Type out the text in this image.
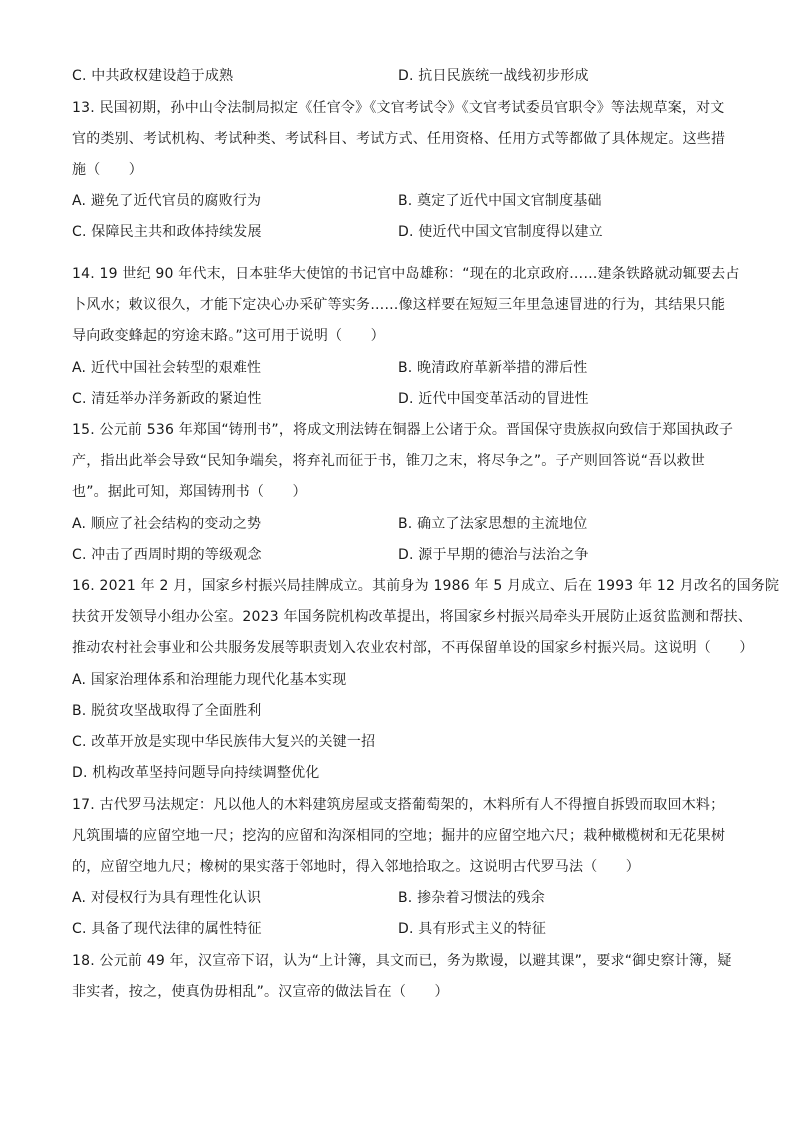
C. 中共政权建设趋于成熟	D. 抗日民族统一战线初步形成
13. 民国初期，孙中山令法制局拟定《任官令》《文官考试令》《文官考试委员官职令》等法规草案，对文
官的类别、考试机构、考试种类、考试科目、考试方式、任用资格、任用方式等都做了具体规定。这些措
施（　　）
A. 避免了近代官员的腐败行为	B. 奠定了近代中国文官制度基础
C. 保障民主共和政体持续发展	D. 使近代中国文官制度得以建立
14. 19 世纪 90 年代末，日本驻华大使馆的书记官中岛雄称：“现在的北京政府……建条铁路就动辄要去占
卜风水；敕议很久，才能下定决心办采矿等实务……像这样要在短短三年里急速冒进的行为，其结果只能
导向政变蜂起的穷途末路。”这可用于说明（　　）
A. 近代中国社会转型的艰难性	B. 晚清政府革新举措的滞后性
C. 清廷举办洋务新政的紧迫性	D. 近代中国变革活动的冒进性
15. 公元前 536 年郑国“铸刑书”，将成文刑法铸在铜器上公诸于众。晋国保守贵族叔向致信于郑国执政子
产，指出此举会导致“民知争端矣，将弃礼而征于书，锥刀之末，将尽争之”。子产则回答说“吾以救世
也”。据此可知，郑国铸刑书（　　）
A. 顺应了社会结构的变动之势	B. 确立了法家思想的主流地位
C. 冲击了西周时期的等级观念	D. 源于早期的德治与法治之争
16. 2021 年 2 月，国家乡村振兴局挂牌成立。其前身为 1986 年 5 月成立、后在 1993 年 12 月改名的国务院
扶贫开发领导小组办公室。2023 年国务院机构改革提出，将国家乡村振兴局牵头开展防止返贫监测和帮扶、
推动农村社会事业和公共服务发展等职责划入农业农村部，不再保留单设的国家乡村振兴局。这说明（　　）
A. 国家治理体系和治理能力现代化基本实现
B. 脱贫攻坚战取得了全面胜利
C. 改革开放是实现中华民族伟大复兴的关键一招
D. 机构改革坚持问题导向持续调整优化
17. 古代罗马法规定：凡以他人的木料建筑房屋或支搭葡萄架的，木料所有人不得擅自拆毁而取回木料；
凡筑围墙的应留空地一尺；挖沟的应留和沟深相同的空地；掘井的应留空地六尺；栽种橄榄树和无花果树
的，应留空地九尺；橡树的果实落于邻地时，得入邻地拾取之。这说明古代罗马法（　　）
A. 对侵权行为具有理性化认识	B. 掺杂着习惯法的残余
C. 具备了现代法律的属性特征	D. 具有形式主义的特征
18. 公元前 49 年，汉宣帝下诏，认为“上计簿，具文而已，务为欺谩，以避其课”，要求“御史察计簿，疑
非实者，按之，使真伪毋相乱”。汉宣帝的做法旨在（　　）
